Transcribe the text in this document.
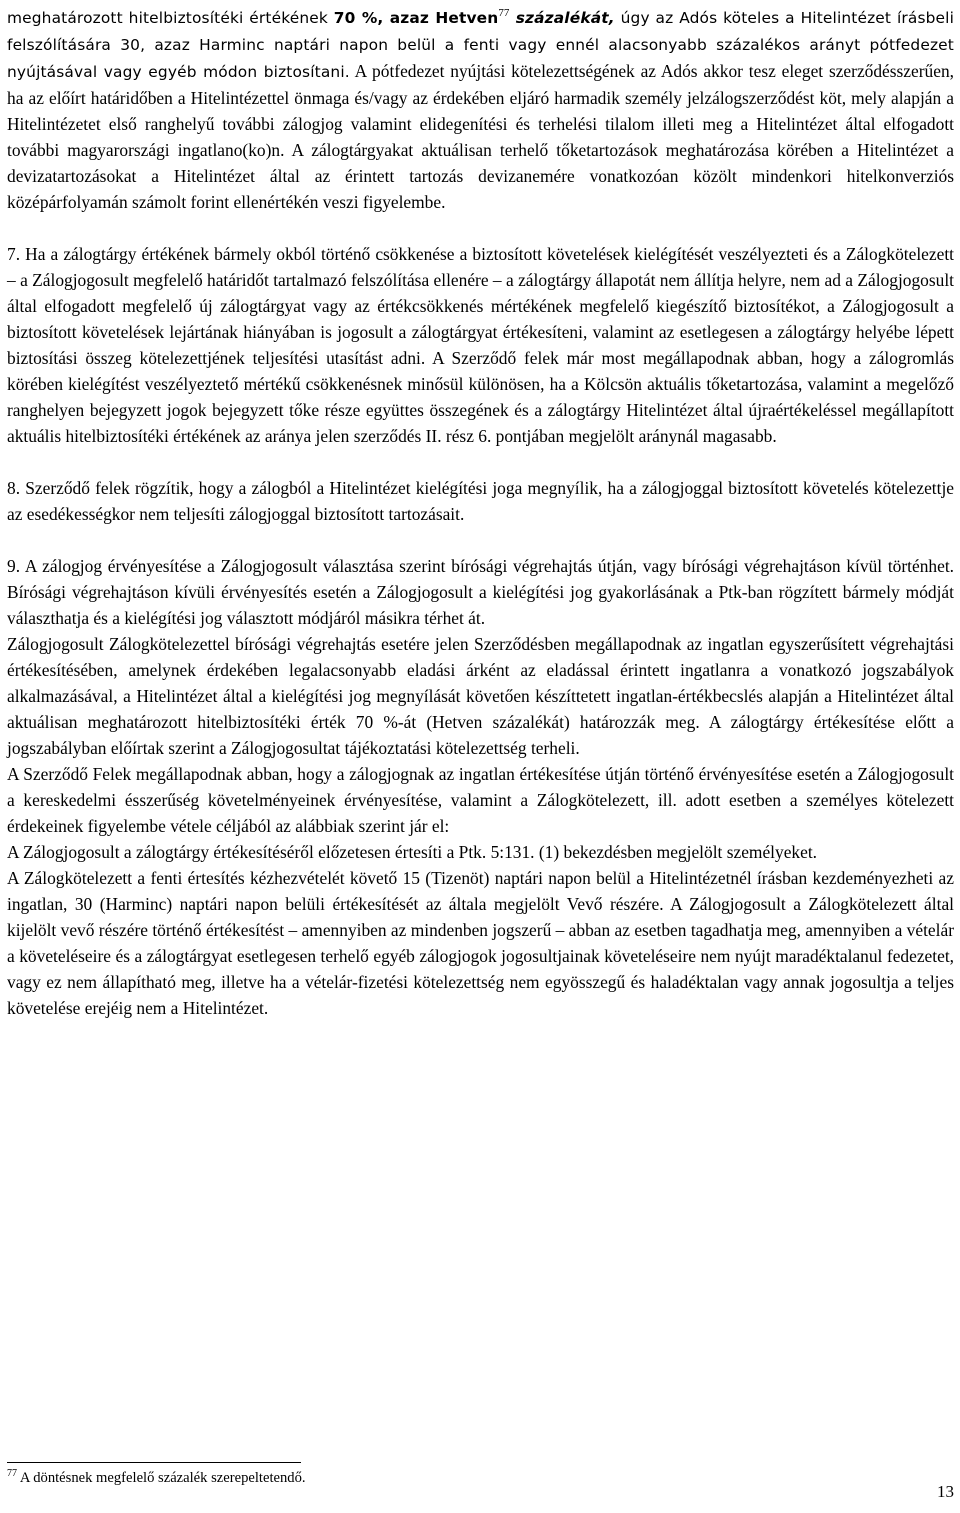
meghatározott hitelbiztosítéki értékének 70 %, azaz Hetven$^{77}$ százalékát, úgy az Adós köteles a Hitelintézet írásbeli felszólítására 30, azaz Harminc naptári napon belül a fenti vagy ennél alacsonyabb százalékos arányt pótfedezet nyújtásával vagy egyéb módon biztosítani. A pótfedezet nyújtási kötelezettségének az Adós akkor tesz eleget szerződésszerűen, ha az előírt határidőben a Hitelintézettel önmaga és/vagy az érdekében eljáró harmadik személy jelzálogszerződést köt, mely alapján a Hitelintézetet első ranghelyű további zálogjog valamint elidegenítési és terhelési tilalom illeti meg a Hitelintézet által elfogadott további magyarországi ingatlano(ko)n. A zálogtárgyakat aktuálisan terhelő tőketartozások meghatározása körében a Hitelintézet a devizatartozásokat a Hitelintézet által az érintett tartozás devizanemére vonatkozóan közölt mindenkori hitelkonverziós középárfolyamán számolt forint ellenértékén veszi figyelembe.

7. Ha a zálogtárgy értékének bármely okból történő csökkenése a biztosított követelések kielégítését veszélyezteti és a Zálogkötelezett – a Zálogjogosult megfelelő határidőt tartalmazó felszólítása ellenére – a zálogtárgy állapotát nem állítja helyre, nem ad a Zálogjogosult által elfogadott megfelelő új zálogtárgyat vagy az értékcsökkenés mértékének megfelelő kiegészítő biztosítékot, a Zálogjogosult a biztosított követelések lejártának hiányában is jogosult a zálogtárgyat értékesíteni, valamint az esetlegesen a zálogtárgy helyébe lépett biztosítási összeg kötelezettjének teljesítési utasítást adni. A Szerződő felek már most megállapodnak abban, hogy a zálogromlás körében kielégítést veszélyeztető mértékű csökkenésnek minősül különösen, ha a Kölcsön aktuális tőketartozása, valamint a megelőző ranghelyen bejegyzett jogok bejegyzett tőke része együttes összegének és a zálogtárgy Hitelintézet által újraértékeléssel megállapított aktuális hitelbiztosítéki értékének az aránya jelen szerződés II. rész 6. pontjában megjelölt aránynál magasabb.

8. Szerződő felek rögzítik, hogy a zálogból a Hitelintézet kielégítési joga megnyílik, ha a zálogjoggal biztosított követelés kötelezettje az esedékességkor nem teljesíti zálogjoggal biztosított tartozásait.

9. A zálogjog érvényesítése a Zálogjogosult választása szerint bírósági végrehajtás útján, vagy bírósági végrehajtáson kívül történhet. Bírósági végrehajtáson kívüli érvényesítés esetén a Zálogjogosult a kielégítési jog gyakorlásának a Ptk-ban rögzített bármely módját választhatja és a kielégítési jog választott módjáról másikra térhet át.

Zálogjogosult Zálogkötelezettel bírósági végrehajtás esetére jelen Szerződésben megállapodnak az ingatlan egyszerűsített végrehajtási értékesítésében, amelynek érdekében legalacsonyabb eladási árként az eladással érintett ingatlanra a vonatkozó jogszabályok alkalmazásával, a Hitelintézet által a kielégítési jog megnyílását követően készíttetett ingatlan-értékbecslés alapján a Hitelintézet által aktuálisan meghatározott hitelbiztosítéki érték 70 %-át (Hetven százalékát) határozzák meg. A zálogtárgy értékesítése előtt a jogszabályban előírtak szerint a Zálogjogosultat tájékoztatási kötelezettség terheli.

A Szerződő Felek megállapodnak abban, hogy a zálogjognak az ingatlan értékesítése útján történő érvényesítése esetén a Zálogjogosult a kereskedelmi ésszerűség követelményeinek érvényesítése, valamint a Zálogkötelezett, ill. adott esetben a személyes kötelezett érdekeinek figyelembe vétele céljából az alábbiak szerint jár el:

A Zálogjogosult a zálogtárgy értékesítéséről előzetesen értesíti a Ptk. 5:131. (1) bekezdésben megjelölt személyeket.

A Zálogkötelezett a fenti értesítés kézhezvételét követő 15 (Tizenöt) naptári napon belül a Hitelintézetnél írásban kezdeményezheti az ingatlan, 30 (Harminc) naptári napon belüli értékesítését az általa megjelölt Vevő részére. A Zálogjogosult a Zálogkötelezett által kijelölt vevő részére történő értékesítést – amennyiben az mindenben jogszerű – abban az esetben tagadhatja meg, amennyiben a vételár a követeléseire és a zálogtárgyat esetlegesen terhelő egyéb zálogjogok jogosultjainak követeléseire nem nyújt maradéktalanul fedezetet, vagy ez nem állapítható meg, illetve ha a vételár-fizetési kötelezettség nem egyösszegű és haladéktalan vagy annak jogosultja a teljes követelése erejéig nem a Hitelintézet.

$^{77}$ A döntésnek megfelelő százalék szerepeltetendő.
13
